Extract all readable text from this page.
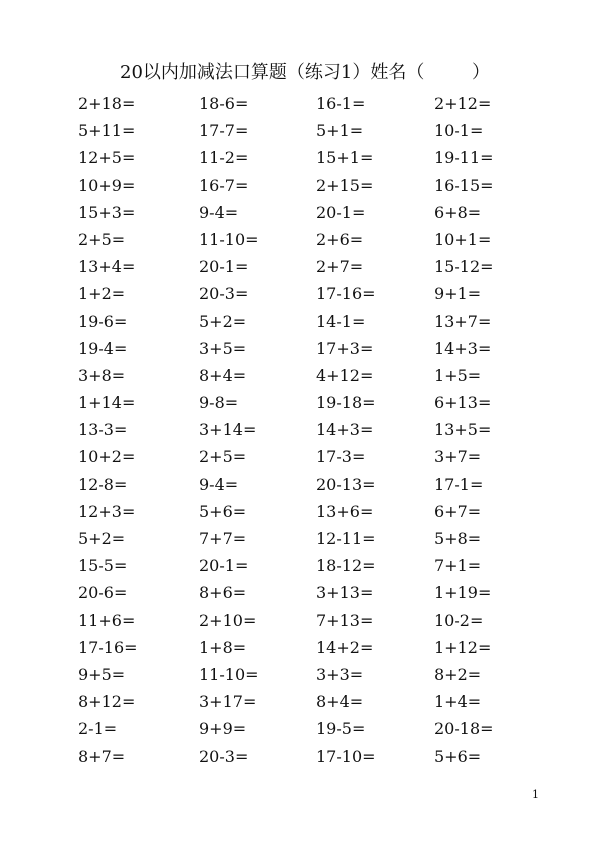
20以内加减法口算题（练习1）姓名（	）
2+18=	18-6=	16-1=	2+12=
5+11=	17-7=	5+1=	10-1=
12+5=	11-2=	15+1=	19-11=
10+9=	16-7=	2+15=	16-15=
15+3=	9-4=	20-1=	6+8=
2+5=	11-10=	2+6=	10+1=
13+4=	20-1=	2+7=	15-12=
1+2=	20-3=	17-16=	9+1=
19-6=	5+2=	14-1=	13+7=
19-4=	3+5=	17+3=	14+3=
3+8=	8+4=	4+12=	1+5=
1+14=	9-8=	19-18=	6+13=
13-3=	3+14=	14+3=	13+5=
10+2=	2+5=	17-3=	3+7=
12-8=	9-4=	20-13=	17-1=
12+3=	5+6=	13+6=	6+7=
5+2=	7+7=	12-11=	5+8=
15-5=	20-1=	18-12=	7+1=
20-6=	8+6=	3+13=	1+19=
11+6=	2+10=	7+13=	10-2=
17-16=	1+8=	14+2=	1+12=
9+5=	11-10=	3+3=	8+2=
8+12=	3+17=	8+4=	1+4=
2-1=	9+9=	19-5=	20-18=
8+7=	20-3=	17-10=	5+6=
1
